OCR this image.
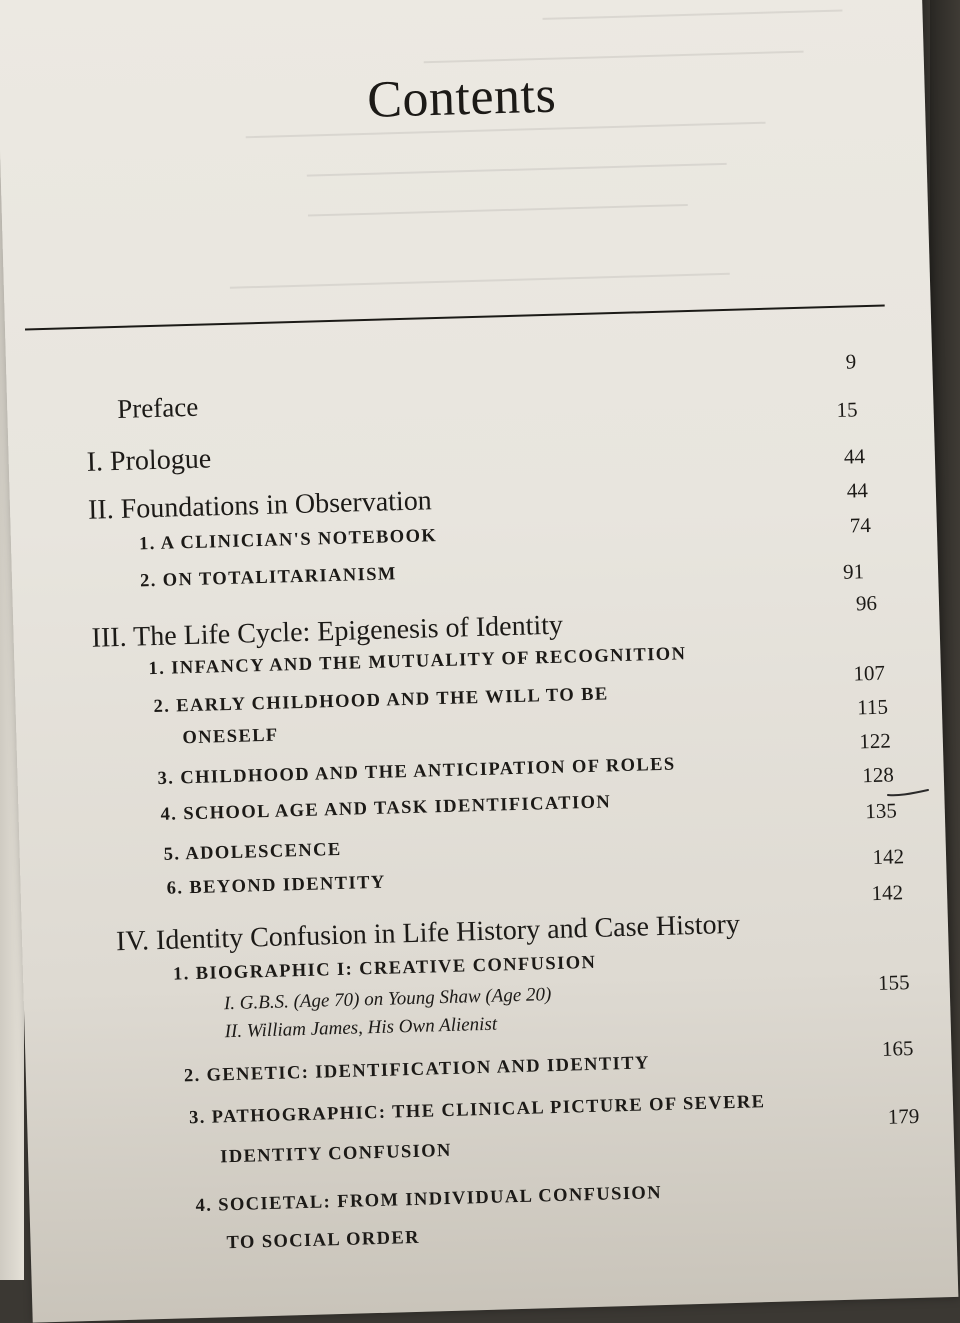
Contents
Preface
9
I. Prologue
15
II. Foundations in Observation
44
1. A CLINICIAN'S NOTEBOOK
44
2. ON TOTALITARIANISM
74
III. The Life Cycle: Epigenesis of Identity
91
1. INFANCY AND THE MUTUALITY OF RECOGNITION
96
2. EARLY CHILDHOOD AND THE WILL TO BE
ONESELF
107
3. CHILDHOOD AND THE ANTICIPATION OF ROLES
115
4. SCHOOL AGE AND TASK IDENTIFICATION
122
5. ADOLESCENCE
128
6. BEYOND IDENTITY
135
IV. Identity Confusion in Life History and Case History
142
1. BIOGRAPHIC I: CREATIVE CONFUSION
142
I. G.B.S. (Age 70) on Young Shaw (Age 20)
II. William James, His Own Alienist
2. GENETIC: IDENTIFICATION AND IDENTITY
155
3. PATHOGRAPHIC: THE CLINICAL PICTURE OF SEVERE
IDENTITY CONFUSION
165
4. SOCIETAL: FROM INDIVIDUAL CONFUSION
TO SOCIAL ORDER
179
